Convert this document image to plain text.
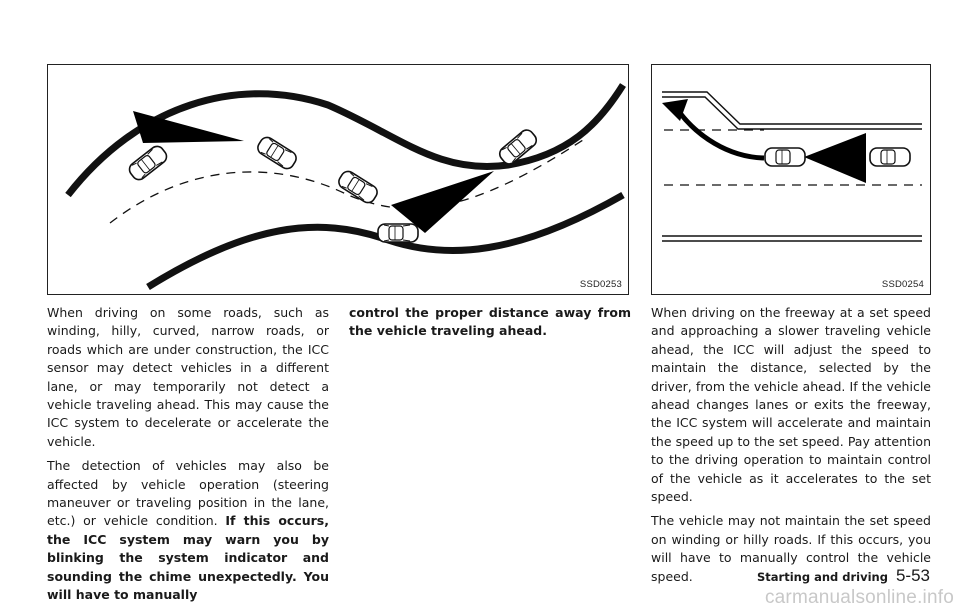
SSD0253	SSD0254

When driving on some roads, such as winding, hilly, curved, narrow roads, or roads which are under construction, the ICC sensor may detect vehicles in a different lane, or may temporarily not detect a vehicle traveling ahead. This may cause the ICC system to decelerate or accelerate the vehicle.

The detection of vehicles may also be affected by vehicle operation (steering maneuver or traveling position in the lane, etc.) or vehicle condition. If this occurs, the ICC system may warn you by blinking the system indicator and sounding the chime unexpectedly. You will have to manually

control the proper distance away from the vehicle traveling ahead.

When driving on the freeway at a set speed and approaching a slower traveling vehicle ahead, the ICC will adjust the speed to maintain the distance, selected by the driver, from the vehicle ahead. If the vehicle ahead changes lanes or exits the freeway, the ICC system will accelerate and maintain the speed up to the set speed. Pay attention to the driving operation to maintain control of the vehicle as it accelerates to the set speed.

The vehicle may not maintain the set speed on winding or hilly roads. If this occurs, you will have to manually control the vehicle speed.	Starting and driving 5-53
carmanualsonline.info
